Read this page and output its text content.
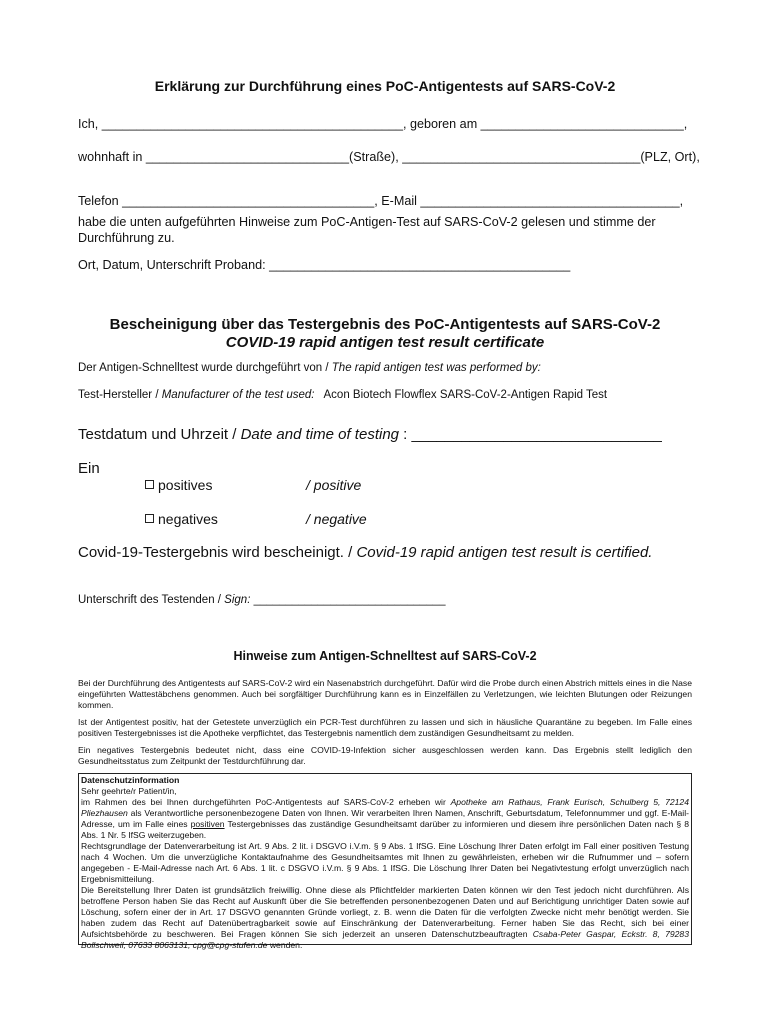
Erklärung zur Durchführung eines PoC-Antigentests auf SARS-CoV-2
Ich, ___________________________________________, geboren am _____________________________,
wohnhaft in _____________________________(Straße), __________________________________(PLZ, Ort),
Telefon ____________________________________, E-Mail _____________________________________,
habe die unten aufgeführten Hinweise zum PoC-Antigen-Test auf SARS-CoV-2 gelesen und stimme der
Durchführung zu.
Ort, Datum, Unterschrift Proband: ___________________________________________
Bescheinigung über das Testergebnis des PoC-Antigentests auf SARS-CoV-2
COVID-19 rapid antigen test result certificate
Der Antigen-Schnelltest wurde durchgeführt von / The rapid antigen test was performed by:
Test-Hersteller / Manufacturer of the test used: Acon Biotech Flowflex SARS-CoV-2-Antigen Rapid Test
Testdatum und Uhrzeit / Date and time of testing : ______________________________
Ein
positives	/ positive
negatives	/ negative
Covid-19-Testergebnis wird bescheinigt. / Covid-19 rapid antigen test result is certified.
Unterschrift des Testenden / Sign: ______________________________
Hinweise zum Antigen-Schnelltest auf SARS-CoV-2
Bei der Durchführung des Antigentests auf SARS-CoV-2 wird ein Nasenabstrich durchgeführt. Dafür wird die Probe durch einen Abstrich mittels eines in die Nase eingeführten Wattestäbchens genommen. Auch bei sorgfältiger Durchführung kann es in Einzelfällen zu Verletzungen, wie leichten Blutungen oder Reizungen kommen.
Ist der Antigentest positiv, hat der Getestete unverzüglich ein PCR-Test durchführen zu lassen und sich in häusliche Quarantäne zu begeben. Im Falle eines positiven Testergebnisses ist die Apotheke verpflichtet, das Testergebnis namentlich dem zuständigen Gesundheitsamt zu melden.
Ein negatives Testergebnis bedeutet nicht, dass eine COVID-19-Infektion sicher ausgeschlossen werden kann. Das Ergebnis stellt lediglich den Gesundheitsstatus zum Zeitpunkt der Testdurchführung dar.

Datenschutzinformation

Sehr geehrte/r Patient/in,

im Rahmen des bei Ihnen durchgeführten PoC-Antigentests auf SARS-CoV-2 erheben wir Apotheke am Rathaus, Frank Eurisch, Schulberg 5, 72124 Pliezhausen als Verantwortliche personenbezogene Daten von Ihnen. Wir verarbeiten Ihren Namen, Anschrift, Geburtsdatum, Telefonnummer und ggf. E-Mail-Adresse, um im Falle eines positiven Testergebnisses das zuständige Gesundheitsamt darüber zu informieren und diesem ihre persönlichen Daten nach § 8 Abs. 1 Nr. 5 IfSG weiterzugeben.

Rechtsgrundlage der Datenverarbeitung ist Art. 9 Abs. 2 lit. i DSGVO i.V.m. § 9 Abs. 1 IfSG. Eine Löschung Ihrer Daten erfolgt im Fall einer positiven Testung nach 4 Wochen. Um die unverzügliche Kontaktaufnahme des Gesundheitsamtes mit Ihnen zu gewährleisten, erheben wir die Rufnummer und – sofern angegeben - E-Mail-Adresse nach Art. 6 Abs. 1 lit. c DSGVO i.V.m. § 9 Abs. 1 IfSG. Die Löschung Ihrer Daten bei Negativtestung erfolgt unverzüglich nach Ergebnismitteilung.

Die Bereitstellung Ihrer Daten ist grundsätzlich freiwillig. Ohne diese als Pflichtfelder markierten Daten können wir den Test jedoch nicht durchführen. Als betroffene Person haben Sie das Recht auf Auskunft über die Sie betreffenden personenbezogenen Daten und auf Berichtigung unrichtiger Daten sowie auf Löschung, sofern einer der in Art. 17 DSGVO genannten Gründe vorliegt, z. B. wenn die Daten für die verfolgten Zwecke nicht mehr benötigt werden. Sie haben zudem das Recht auf Datenübertragbarkeit sowie auf Einschränkung der Datenverarbeitung. Ferner haben Sie das Recht, sich bei einer Aufsichtsbehörde zu beschweren. Bei Fragen können Sie sich jederzeit an unseren Datenschutzbeauftragten Csaba-Peter Gaspar, Eckstr. 8, 79283 Bollschweil, 07633 8063131, cpg@cpg-stufen.de wenden.
